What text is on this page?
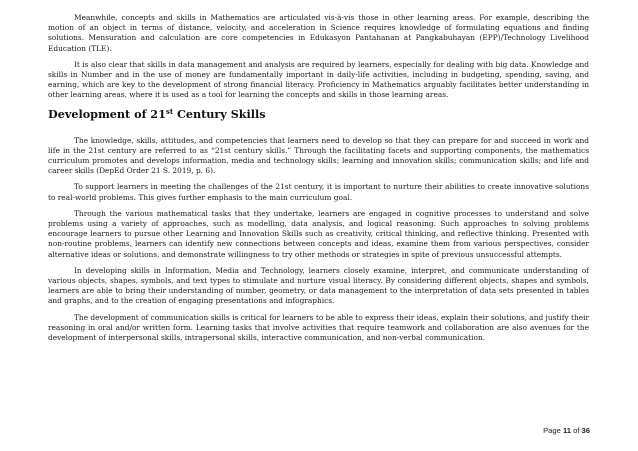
Meanwhile, concepts and skills in Mathematics are articulated vis-à-vis those in other learning areas. For example, describing the motion of an object in terms of distance, velocity, and acceleration in Science requires knowledge of formulating equations and finding solutions. Mensuration and calculation are core competencies in Edukasyon Pantahanan at Pangkabuhayan (EPP)/Technology Livelihood Education (TLE).

It is also clear that skills in data management and analysis are required by learners, especially for dealing with big data. Knowledge and skills in Number and in the use of money are fundamentally important in daily-life activities, including in budgeting, spending, saving, and earning, which are key to the development of strong financial literacy. Proficiency in Mathematics arguably facilitates better understanding in other learning areas, where it is used as a tool for learning the concepts and skills in those learning areas.

Development of 21st Century Skills

The knowledge, skills, attitudes, and competencies that learners need to develop so that they can prepare for and succeed in work and life in the 21st century are referred to as “21st century skills.” Through the facilitating facets and supporting components, the mathematics curriculum promotes and develops information, media and technology skills; learning and innovation skills; communication skills; and life and career skills (DepEd Order 21 S. 2019, p. 6).

To support learners in meeting the challenges of the 21st century, it is important to nurture their abilities to create innovative solutions to real-world problems. This gives further emphasis to the main curriculum goal.

Through the various mathematical tasks that they undertake, learners are engaged in cognitive processes to understand and solve problems using a variety of approaches, such as modelling, data analysis, and logical reasoning. Such approaches to solving problems encourage learners to pursue other Learning and Innovation Skills such as creativity, critical thinking, and reflective thinking. Presented with non-routine problems, learners can identify new connections between concepts and ideas, examine them from various perspectives, consider alternative ideas or solutions, and demonstrate willingness to try other methods or strategies in spite of previous unsuccessful attempts.

In developing skills in Information, Media and Technology, learners closely examine, interpret, and communicate understanding of various objects, shapes, symbols, and text types to stimulate and nurture visual literacy. By considering different objects, shapes and symbols, learners are able to bring their understanding of number, geometry, or data management to the interpretation of data sets presented in tables and graphs, and to the creation of engaging presentations and infographics.

The development of communication skills is critical for learners to be able to express their ideas, explain their solutions, and justify their reasoning in oral and/or written form. Learning tasks that involve activities that require teamwork and collaboration are also avenues for the development of interpersonal skills, intrapersonal skills, interactive communication, and non-verbal communication.

Page 11 of 36
